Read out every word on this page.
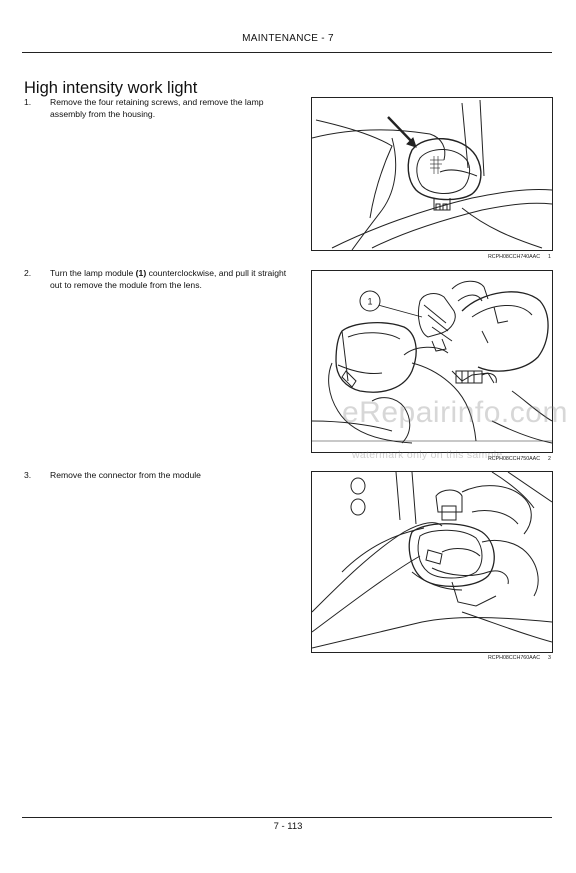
MAINTENANCE - 7
High intensity work light
1. Remove the four retaining screws, and remove the lamp assembly from the housing.
RCPH08CCH740AAC 1
2. Turn the lamp module (1) counterclockwise, and pull it straight out to remove the module from the lens.
1
RCPH08CCH750AAC 2
3. Remove the connector from the module
RCPH08CCH760AAC 3
eRepairinfo.com
watermark only on this sample
7 - 113
